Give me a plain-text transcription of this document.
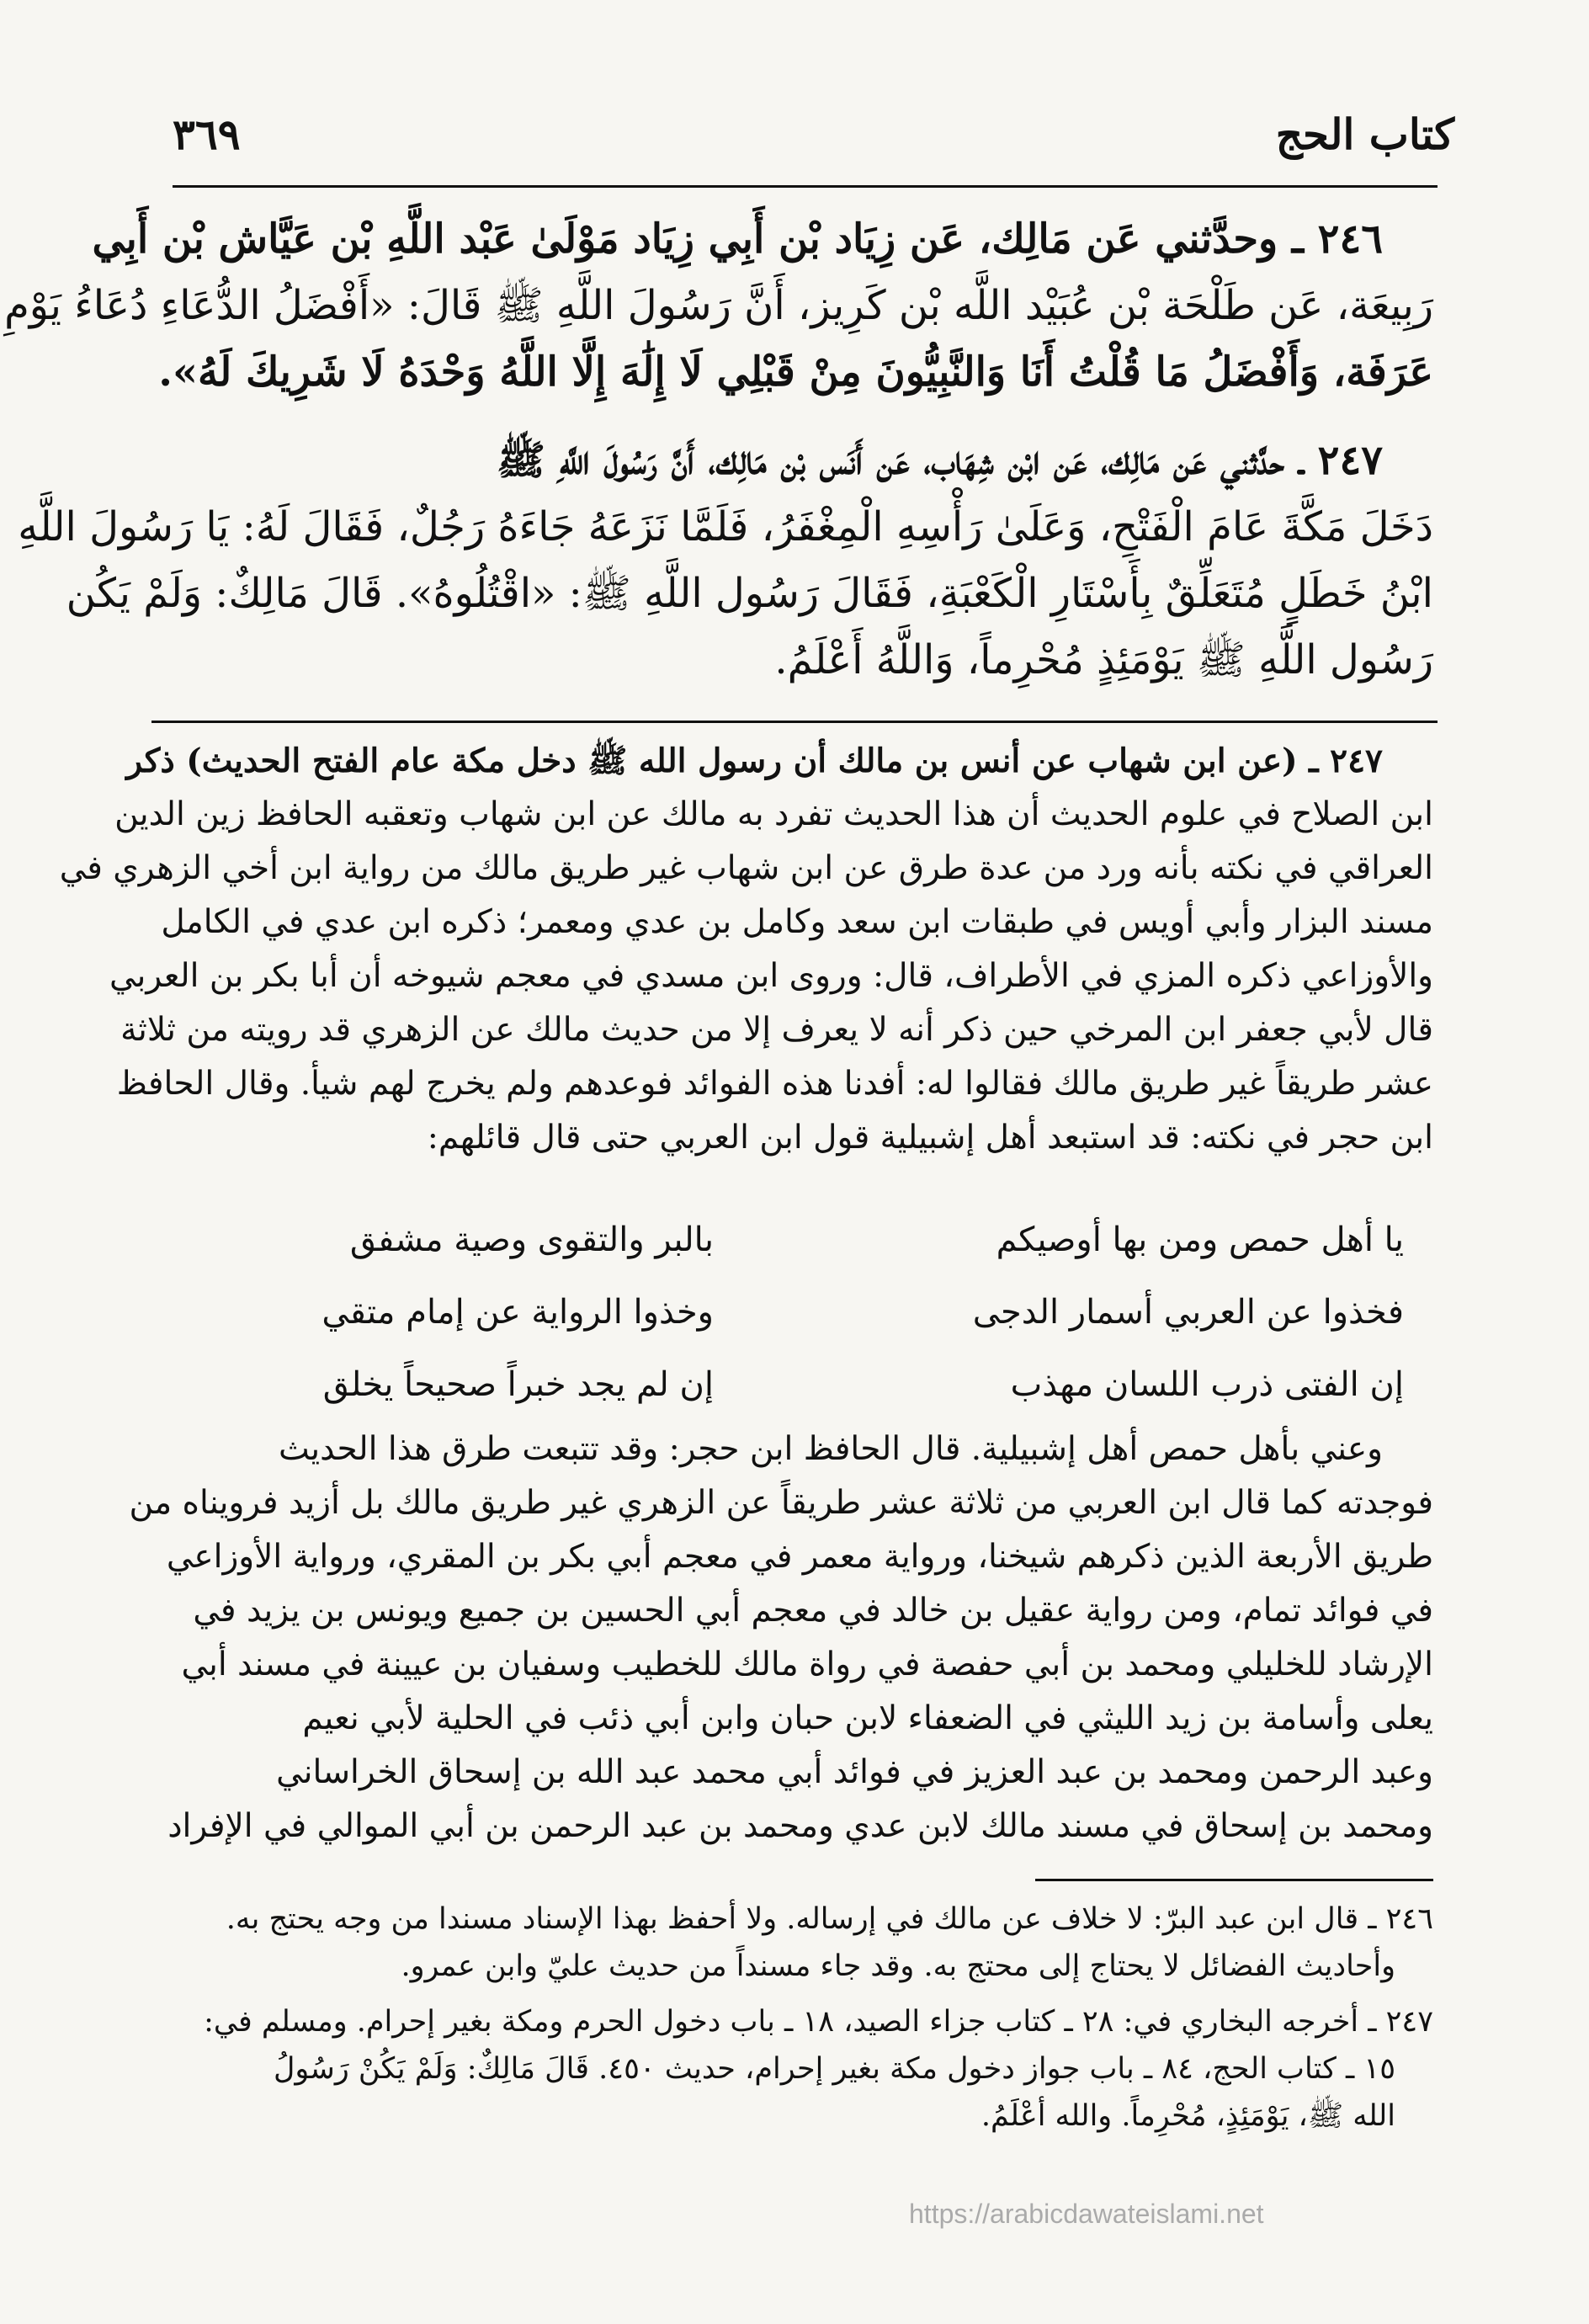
كتاب الحج
٣٦٩
٢٤٦ ـ وحدَّثني عَن مَالِك، عَن زِيَاد بْن أَبِي زِيَاد مَوْلَىٰ عَبْد اللَّهِ بْن عَيَّاش بْن أَبِي
رَبِيعَة، عَن طَلْحَة بْن عُبَيْد اللَّه بْن كَرِيز، أَنَّ رَسُولَ اللَّهِ ﷺ قَالَ: «أَفْضَلُ الدُّعَاءِ دُعَاءُ يَوْمِ
عَرَفَة، وَأَفْضَلُ مَا قُلْتُ أَنَا وَالنَّبِيُّونَ مِنْ قَبْلِي لَا إِلَٰهَ إِلَّا اللَّهُ وَحْدَهُ لَا شَرِيكَ لَهُ».
٢٤٧ ـ حدَّثني عَن مَالِك، عَن ابْن شِهَاب، عَن أَنَس بْن مَالِك، أَنَّ رَسُولَ اللَّهِ ﷺ
دَخَلَ مَكَّةَ عَامَ الْفَتْحِ، وَعَلَىٰ رَأْسِهِ الْمِغْفَرُ، فَلَمَّا نَزَعَهُ جَاءَهُ رَجُلٌ، فَقَالَ لَهُ: يَا رَسُولَ اللَّهِ
ابْنُ خَطَلٍ مُتَعَلِّقٌ بِأَسْتَارِ الْكَعْبَةِ، فَقَالَ رَسُول اللَّهِ ﷺ: «اقْتُلُوهُ». قَالَ مَالِكٌ: وَلَمْ يَكُن
رَسُول اللَّهِ ﷺ يَوْمَئِذٍ مُحْرِماً، وَاللَّهُ أَعْلَمُ.
٢٤٧ ـ (عن ابن شهاب عن أنس بن مالك أن رسول الله ﷺ دخل مكة عام الفتح الحديث) ذكر
ابن الصلاح في علوم الحديث أن هذا الحديث تفرد به مالك عن ابن شهاب وتعقبه الحافظ زين الدين
العراقي في نكته بأنه ورد من عدة طرق عن ابن شهاب غير طريق مالك من رواية ابن أخي الزهري في
مسند البزار وأبي أويس في طبقات ابن سعد وكامل بن عدي ومعمر؛ ذكره ابن عدي في الكامل
والأوزاعي ذكره المزي في الأطراف، قال: وروى ابن مسدي في معجم شيوخه أن أبا بكر بن العربي
قال لأبي جعفر ابن المرخي حين ذكر أنه لا يعرف إلا من حديث مالك عن الزهري قد رويته من ثلاثة
عشر طريقاً غير طريق مالك فقالوا له: أفدنا هذه الفوائد فوعدهم ولم يخرج لهم شيأ. وقال الحافظ
ابن حجر في نكته: قد استبعد أهل إشبيلية قول ابن العربي حتى قال قائلهم:
يا أهل حمص ومن بها أوصيكم
بالبر والتقوى وصية مشفق
فخذوا عن العربي أسمار الدجى
وخذوا الرواية عن إمام متقي
إن الفتى ذرب اللسان مهذب
إن لم يجد خبراً صحيحاً يخلق
وعني بأهل حمص أهل إشبيلية. قال الحافظ ابن حجر: وقد تتبعت طرق هذا الحديث
فوجدته كما قال ابن العربي من ثلاثة عشر طريقاً عن الزهري غير طريق مالك بل أزيد فرويناه من
طريق الأربعة الذين ذكرهم شيخنا، ورواية معمر في معجم أبي بكر بن المقري، ورواية الأوزاعي
في فوائد تمام، ومن رواية عقيل بن خالد في معجم أبي الحسين بن جميع ويونس بن يزيد في
الإرشاد للخليلي ومحمد بن أبي حفصة في رواة مالك للخطيب وسفيان بن عيينة في مسند أبي
يعلى وأسامة بن زيد الليثي في الضعفاء لابن حبان وابن أبي ذئب في الحلية لأبي نعيم
وعبد الرحمن ومحمد بن عبد العزيز في فوائد أبي محمد عبد الله بن إسحاق الخراساني
ومحمد بن إسحاق في مسند مالك لابن عدي ومحمد بن عبد الرحمن بن أبي الموالي في الإفراد
٢٤٦ ـ قال ابن عبد البرّ: لا خلاف عن مالك في إرساله. ولا أحفظ بهذا الإسناد مسندا من وجه يحتج به.
وأحاديث الفضائل لا يحتاج إلى محتج به. وقد جاء مسنداً من حديث عليّ وابن عمرو.
٢٤٧ ـ أخرجه البخاري في: ٢٨ ـ كتاب جزاء الصيد، ١٨ ـ باب دخول الحرم ومكة بغير إحرام. ومسلم في:
١٥ ـ كتاب الحج، ٨٤ ـ باب جواز دخول مكة بغير إحرام، حديث ٤٥٠. قَالَ مَالِكٌ: وَلَمْ يَكُنْ رَسُولُ
الله ﷺ، يَوْمَئِذٍ، مُحْرِماً. والله أعْلَمُ.
https://arabicdawateislami.net
